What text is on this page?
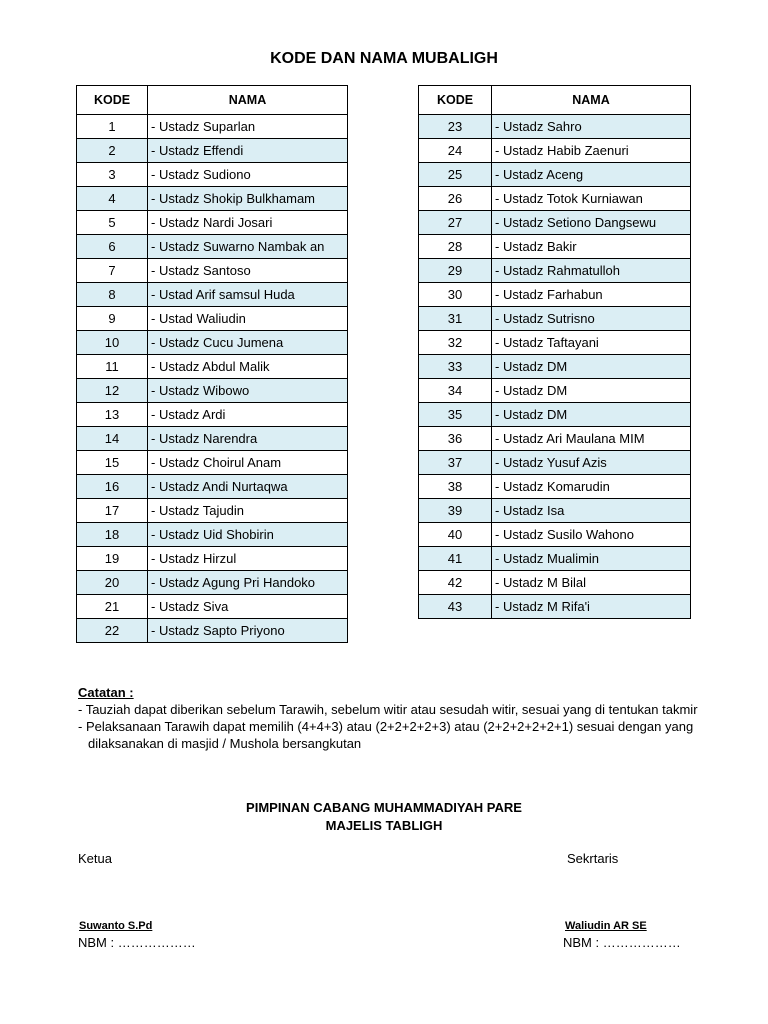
KODE DAN NAMA MUBALIGH
KODE	NAMA
1	- Ustadz Suparlan
2	- Ustadz Effendi
3	- Ustadz Sudiono
4	- Ustadz Shokip Bulkhamam
5	- Ustadz Nardi Josari
6	- Ustadz Suwarno Nambak an
7	- Ustadz Santoso
8	- Ustad Arif samsul Huda
9	- Ustad Waliudin
10	- Ustadz Cucu Jumena
11	- Ustadz Abdul Malik
12	- Ustadz Wibowo
13	- Ustadz Ardi
14	- Ustadz Narendra
15	- Ustadz Choirul Anam
16	- Ustadz Andi Nurtaqwa
17	- Ustadz Tajudin
18	- Ustadz Uid Shobirin
19	- Ustadz Hirzul
20	- Ustadz Agung Pri Handoko
21	- Ustadz Siva
22	- Ustadz Sapto Priyono
KODE	NAMA
23	- Ustadz Sahro
24	- Ustadz Habib Zaenuri
25	- Ustadz Aceng
26	- Ustadz Totok Kurniawan
27	- Ustadz Setiono Dangsewu
28	- Ustadz Bakir
29	- Ustadz Rahmatulloh
30	- Ustadz Farhabun
31	- Ustadz Sutrisno
32	- Ustadz Taftayani
33	- Ustadz DM
34	- Ustadz DM
35	- Ustadz DM
36	- Ustadz Ari Maulana MIM
37	- Ustadz Yusuf Azis
38	- Ustadz Komarudin
39	- Ustadz Isa
40	- Ustadz Susilo Wahono
41	- Ustadz Mualimin
42	- Ustadz M Bilal
43	- Ustadz M Rifa'i
Catatan :
- Tauziah dapat diberikan sebelum Tarawih, sebelum witir atau sesudah witir, sesuai yang di tentukan takmir
- Pelaksanaan Tarawih dapat memilih (4+4+3) atau (2+2+2+2+3) atau (2+2+2+2+2+1) sesuai dengan yang dilaksanakan di masjid / Mushola bersangkutan
PIMPINAN CABANG MUHAMMADIYAH PARE
MAJELIS TABLIGH
Ketua	Sekrtaris
Suwanto S.Pd	Waliudin AR SE
NBM : ………………	NBM : ………………
